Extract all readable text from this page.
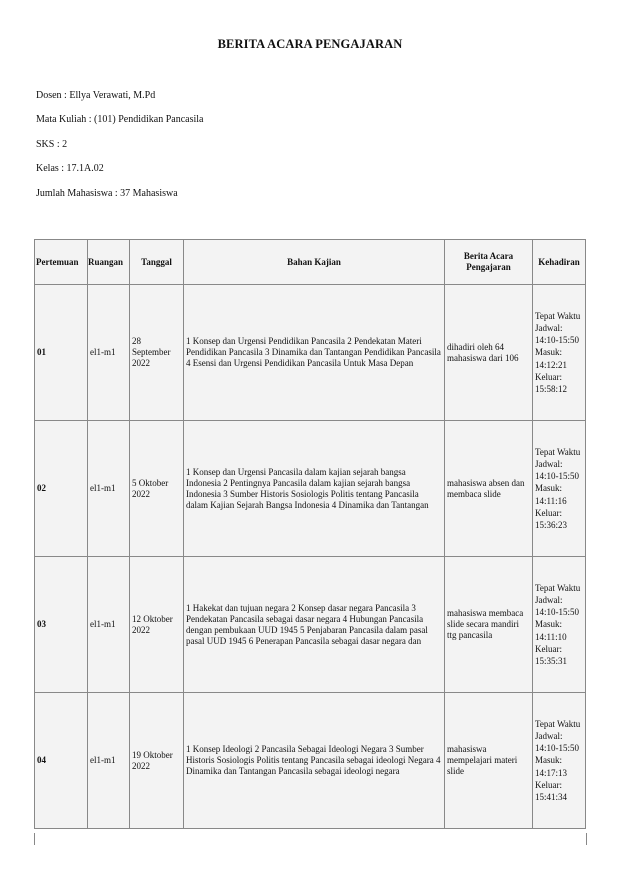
BERITA ACARA PENGAJARAN
Dosen : Ellya Verawati, M.Pd
Mata Kuliah : (101) Pendidikan Pancasila
SKS : 2
Kelas : 17.1A.02
Jumlah Mahasiswa : 37 Mahasiswa
Pertemuan	Ruangan	Tanggal	Bahan Kajian	Berita Acara Pengajaran	Kehadiran
01	el1-m1	28 September 2022	1 Konsep dan Urgensi Pendidikan Pancasila 2 Pendekatan Materi Pendidikan Pancasila 3 Dinamika dan Tantangan Pendidikan Pancasila 4 Esensi dan Urgensi Pendidikan Pancasila Untuk Masa Depan	dihadiri oleh 64 mahasiswa dari 106	Tepat Waktu Jadwal: 14:10-15:50 Masuk: 14:12:21 Keluar: 15:58:12
02	el1-m1	5 Oktober 2022	1 Konsep dan Urgensi Pancasila dalam kajian sejarah bangsa Indonesia 2 Pentingnya Pancasila dalam kajian sejarah bangsa Indonesia 3 Sumber Historis Sosiologis Politis tentang Pancasila dalam Kajian Sejarah Bangsa Indonesia 4 Dinamika dan Tantangan	mahasiswa absen dan membaca slide	Tepat Waktu Jadwal: 14:10-15:50 Masuk: 14:11:16 Keluar: 15:36:23
03	el1-m1	12 Oktober 2022	1 Hakekat dan tujuan negara 2 Konsep dasar negara Pancasila 3 Pendekatan Pancasila sebagai dasar negara 4 Hubungan Pancasila dengan pembukaan UUD 1945 5 Penjabaran Pancasila dalam pasal pasal UUD 1945 6 Penerapan Pancasila sebagai dasar negara dan	mahasiswa membaca slide secara mandiri ttg pancasila	Tepat Waktu Jadwal: 14:10-15:50 Masuk: 14:11:10 Keluar: 15:35:31
04	el1-m1	19 Oktober 2022	1 Konsep Ideologi 2 Pancasila Sebagai Ideologi Negara 3 Sumber Historis Sosiologis Politis tentang Pancasila sebagai ideologi Negara 4 Dinamika dan Tantangan Pancasila sebagai ideologi negara	mahasiswa mempelajari materi slide	Tepat Waktu Jadwal: 14:10-15:50 Masuk: 14:17:13 Keluar: 15:41:34
